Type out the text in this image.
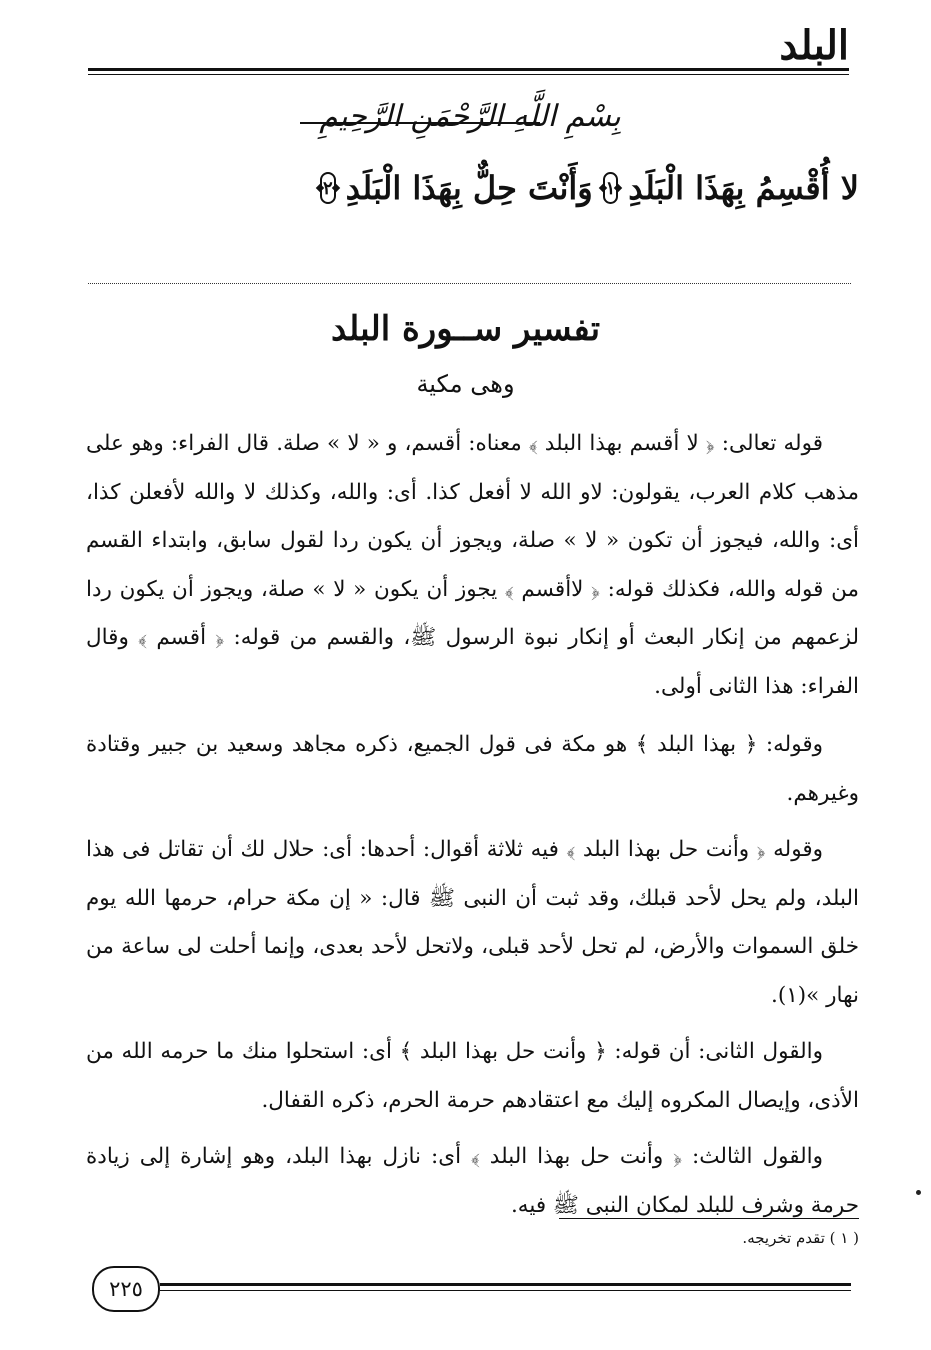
البلد
بِسْمِ اللَّهِ الرَّحْمَنِ الرَّحِيمِ
لا أُقْسِمُ بِهَذَا الْبَلَدِ
١
وَأَنْتَ حِلٌّ بِهَذَا الْبَلَدِ
٢
تفسير ســورة البلد
وهى مكية

قوله تعالى: ﴿ لا أقسم بهذا البلد ﴾ معناه: أقسم، و « لا » صلة. قال الفراء: وهو على مذهب كلام العرب، يقولون: لاو الله لا أفعل كذا. أى: والله، وكذلك لا والله لأفعلن كذا، أى: والله، فيجوز أن تكون « لا » صلة، ويجوز أن يكون ردا لقول سابق، وابتداء القسم من قوله والله، فكذلك قوله: ﴿ لاأقسم ﴾ يجوز أن يكون « لا » صلة، ويجوز أن يكون ردا لزعمهم من إنكار البعث أو إنكار نبوة الرسول ﷺ، والقسم من قوله: ﴿ أقسم ﴾ وقال الفراء: هذا الثانى أولى.

وقوله: ﴿ بهذا البلد ﴾ هو مكة فى قول الجميع، ذكره مجاهد وسعيد بن جبير وقتادة وغيرهم.

وقوله ﴿ وأنت حل بهذا البلد ﴾ فيه ثلاثة أقوال: أحدها: أى: حلال لك أن تقاتل فى هذا البلد، ولم يحل لأحد قبلك، وقد ثبت أن النبى ﷺ قال: « إن مكة حرام، حرمها الله يوم خلق السموات والأرض، لم تحل لأحد قبلى، ولاتحل لأحد بعدى، وإنما أحلت لى ساعة من نهار »(١).

والقول الثانى: أن قوله: ﴿ وأنت حل بهذا البلد ﴾ أى: استحلوا منك ما حرمه الله من الأذى، وإيصال المكروه إليك مع اعتقادهم حرمة الحرم، ذكره القفال.

والقول الثالث: ﴿ وأنت حل بهذا البلد ﴾ أى: نازل بهذا البلد، وهو إشارة إلى زيادة حرمة وشرف للبلد لمكان النبى ﷺ فيه.

( ١ ) تقدم تخريجه.
٢٢٥
